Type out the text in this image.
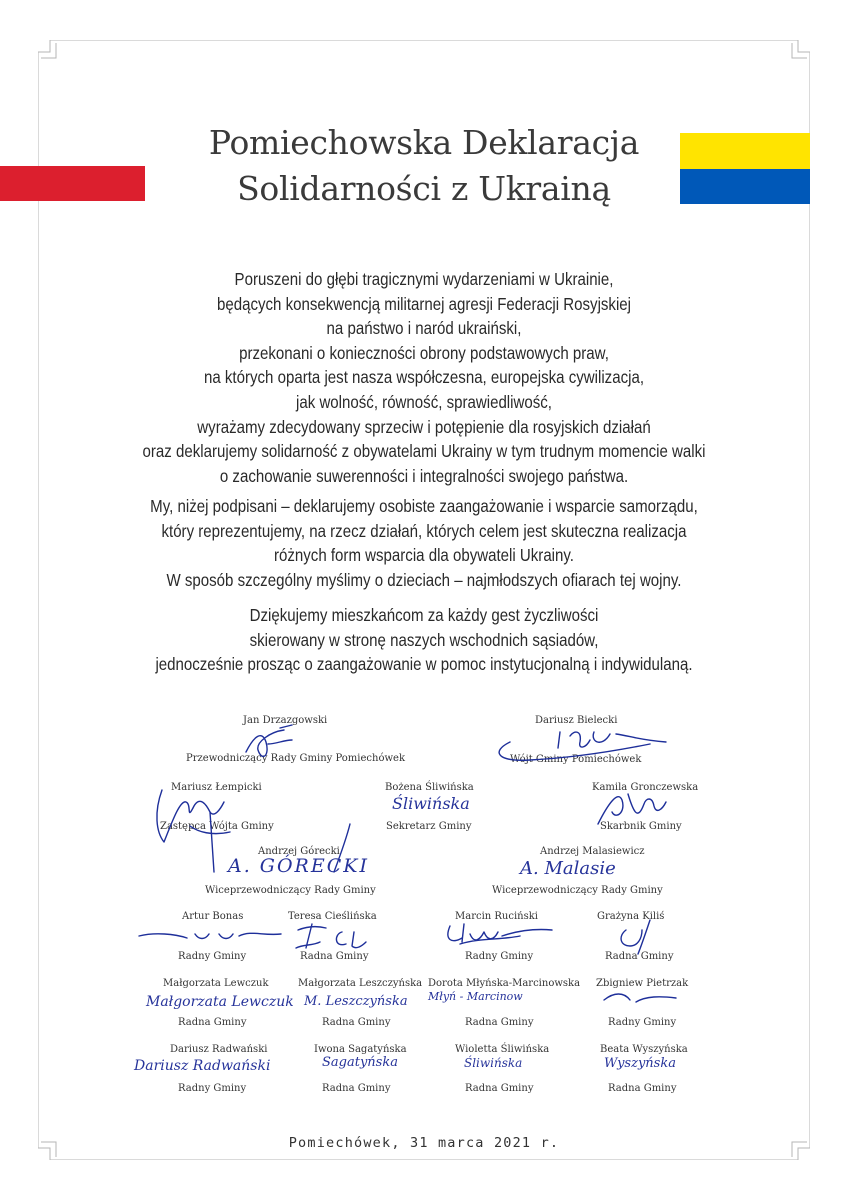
Pomiechowska Deklaracja
Solidarności z Ukrainą
Poruszeni do głębi tragicznymi wydarzeniami w Ukrainie,
będących konsekwencją militarnej agresji Federacji Rosyjskiej
na państwo i naród ukraiński,
przekonani o konieczności obrony podstawowych praw,
na których oparta jest nasza współczesna, europejska cywilizacja,
jak wolność, równość, sprawiedliwość,
wyrażamy zdecydowany sprzeciw i potępienie dla rosyjskich działań
oraz deklarujemy solidarność z obywatelami Ukrainy w tym trudnym momencie walki
o zachowanie suwerenności i integralności swojego państwa.
My, niżej podpisani – deklarujemy osobiste zaangażowanie i wsparcie samorządu,
który reprezentujemy, na rzecz działań, których celem jest skuteczna realizacja
różnych form wsparcia dla obywateli Ukrainy.
W sposób szczególny myślimy o dzieciach – najmłodszych ofiarach tej wojny.
Dziękujemy mieszkańcom za każdy gest życzliwości
skierowany w stronę naszych wschodnich sąsiadów,
jednocześnie prosząc o zaangażowanie w pomoc instytucjonalną i indywidulaną.
Jan Drzazgowski
Przewodniczący Rady Gminy Pomiechówek
Dariusz Bielecki
Wójt Gminy Pomiechówek
Mariusz Łempicki
Zastępca Wójta Gminy
Bożena Śliwińska
Sekretarz Gminy
Śliwińska
Kamila Gronczewska
Skarbnik Gminy
Andrzej Górecki
Wiceprzewodniczący Rady Gminy
A. GÓRECKI
Andrzej Malasiewicz
Wiceprzewodniczący Rady Gminy
A. Malasie
Artur Bonas
Radny Gminy
Teresa Cieślińska
Radna Gminy
Marcin Ruciński
Radny Gminy
Grażyna Kiliś
Radna Gminy
Małgorzata Lewczuk
Radna Gminy
Małgorzata Lewczuk
Małgorzata Leszczyńska
Radna Gminy
M. Leszczyńska
Dorota Młyńska-Marcinowska
Radna Gminy
Młyń - Marcinow
Zbigniew Pietrzak
Radny Gminy
Dariusz Radwański
Radny Gminy
Dariusz Radwański
Iwona Sagatyńska
Radna Gminy
Sagatyńska
Wioletta Śliwińska
Radna Gminy
Śliwińska
Beata Wyszyńska
Radna Gminy
Wyszyńska
Pomiechówek, 31 marca 2021 r.
